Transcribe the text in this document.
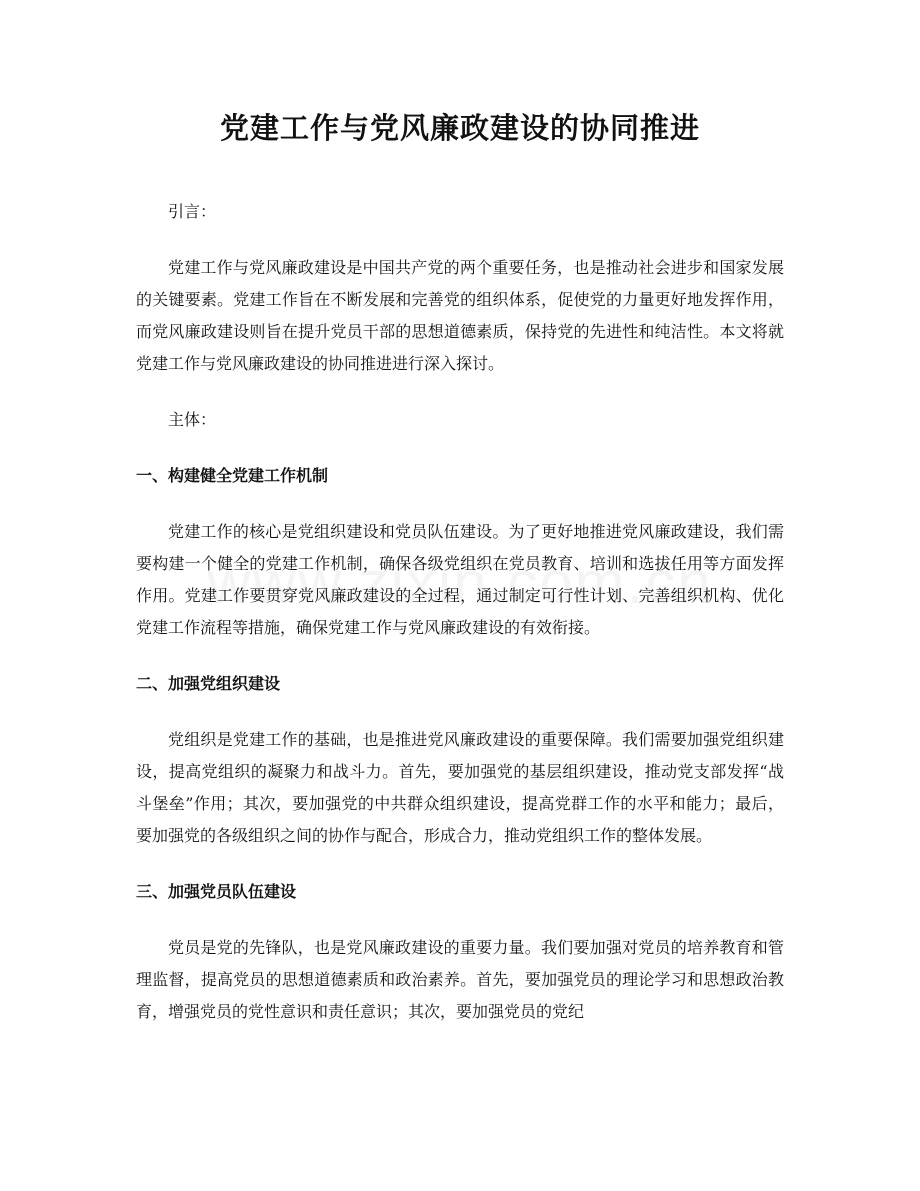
党建工作与党风廉政建设的协同推进

引言：

党建工作与党风廉政建设是中国共产党的两个重要任务，也是推动社会进步和国家发展的关键要素。党建工作旨在不断发展和完善党的组织体系，促使党的力量更好地发挥作用，而党风廉政建设则旨在提升党员干部的思想道德素质，保持党的先进性和纯洁性。本文将就党建工作与党风廉政建设的协同推进进行深入探讨。

主体：

一、构建健全党建工作机制

党建工作的核心是党组织建设和党员队伍建设。为了更好地推进党风廉政建设，我们需要构建一个健全的党建工作机制，确保各级党组织在党员教育、培训和选拔任用等方面发挥作用。党建工作要贯穿党风廉政建设的全过程，通过制定可行性计划、完善组织机构、优化党建工作流程等措施，确保党建工作与党风廉政建设的有效衔接。

二、加强党组织建设

党组织是党建工作的基础，也是推进党风廉政建设的重要保障。我们需要加强党组织建设，提高党组织的凝聚力和战斗力。首先，要加强党的基层组织建设，推动党支部发挥“战斗堡垒”作用；其次，要加强党的中共群众组织建设，提高党群工作的水平和能力；最后，要加强党的各级组织之间的协作与配合，形成合力，推动党组织工作的整体发展。

三、加强党员队伍建设

党员是党的先锋队，也是党风廉政建设的重要力量。我们要加强对党员的培养教育和管理监督，提高党员的思想道德素质和政治素养。首先，要加强党员的理论学习和思想政治教育，增强党员的党性意识和责任意识；其次，要加强党员的党纪
